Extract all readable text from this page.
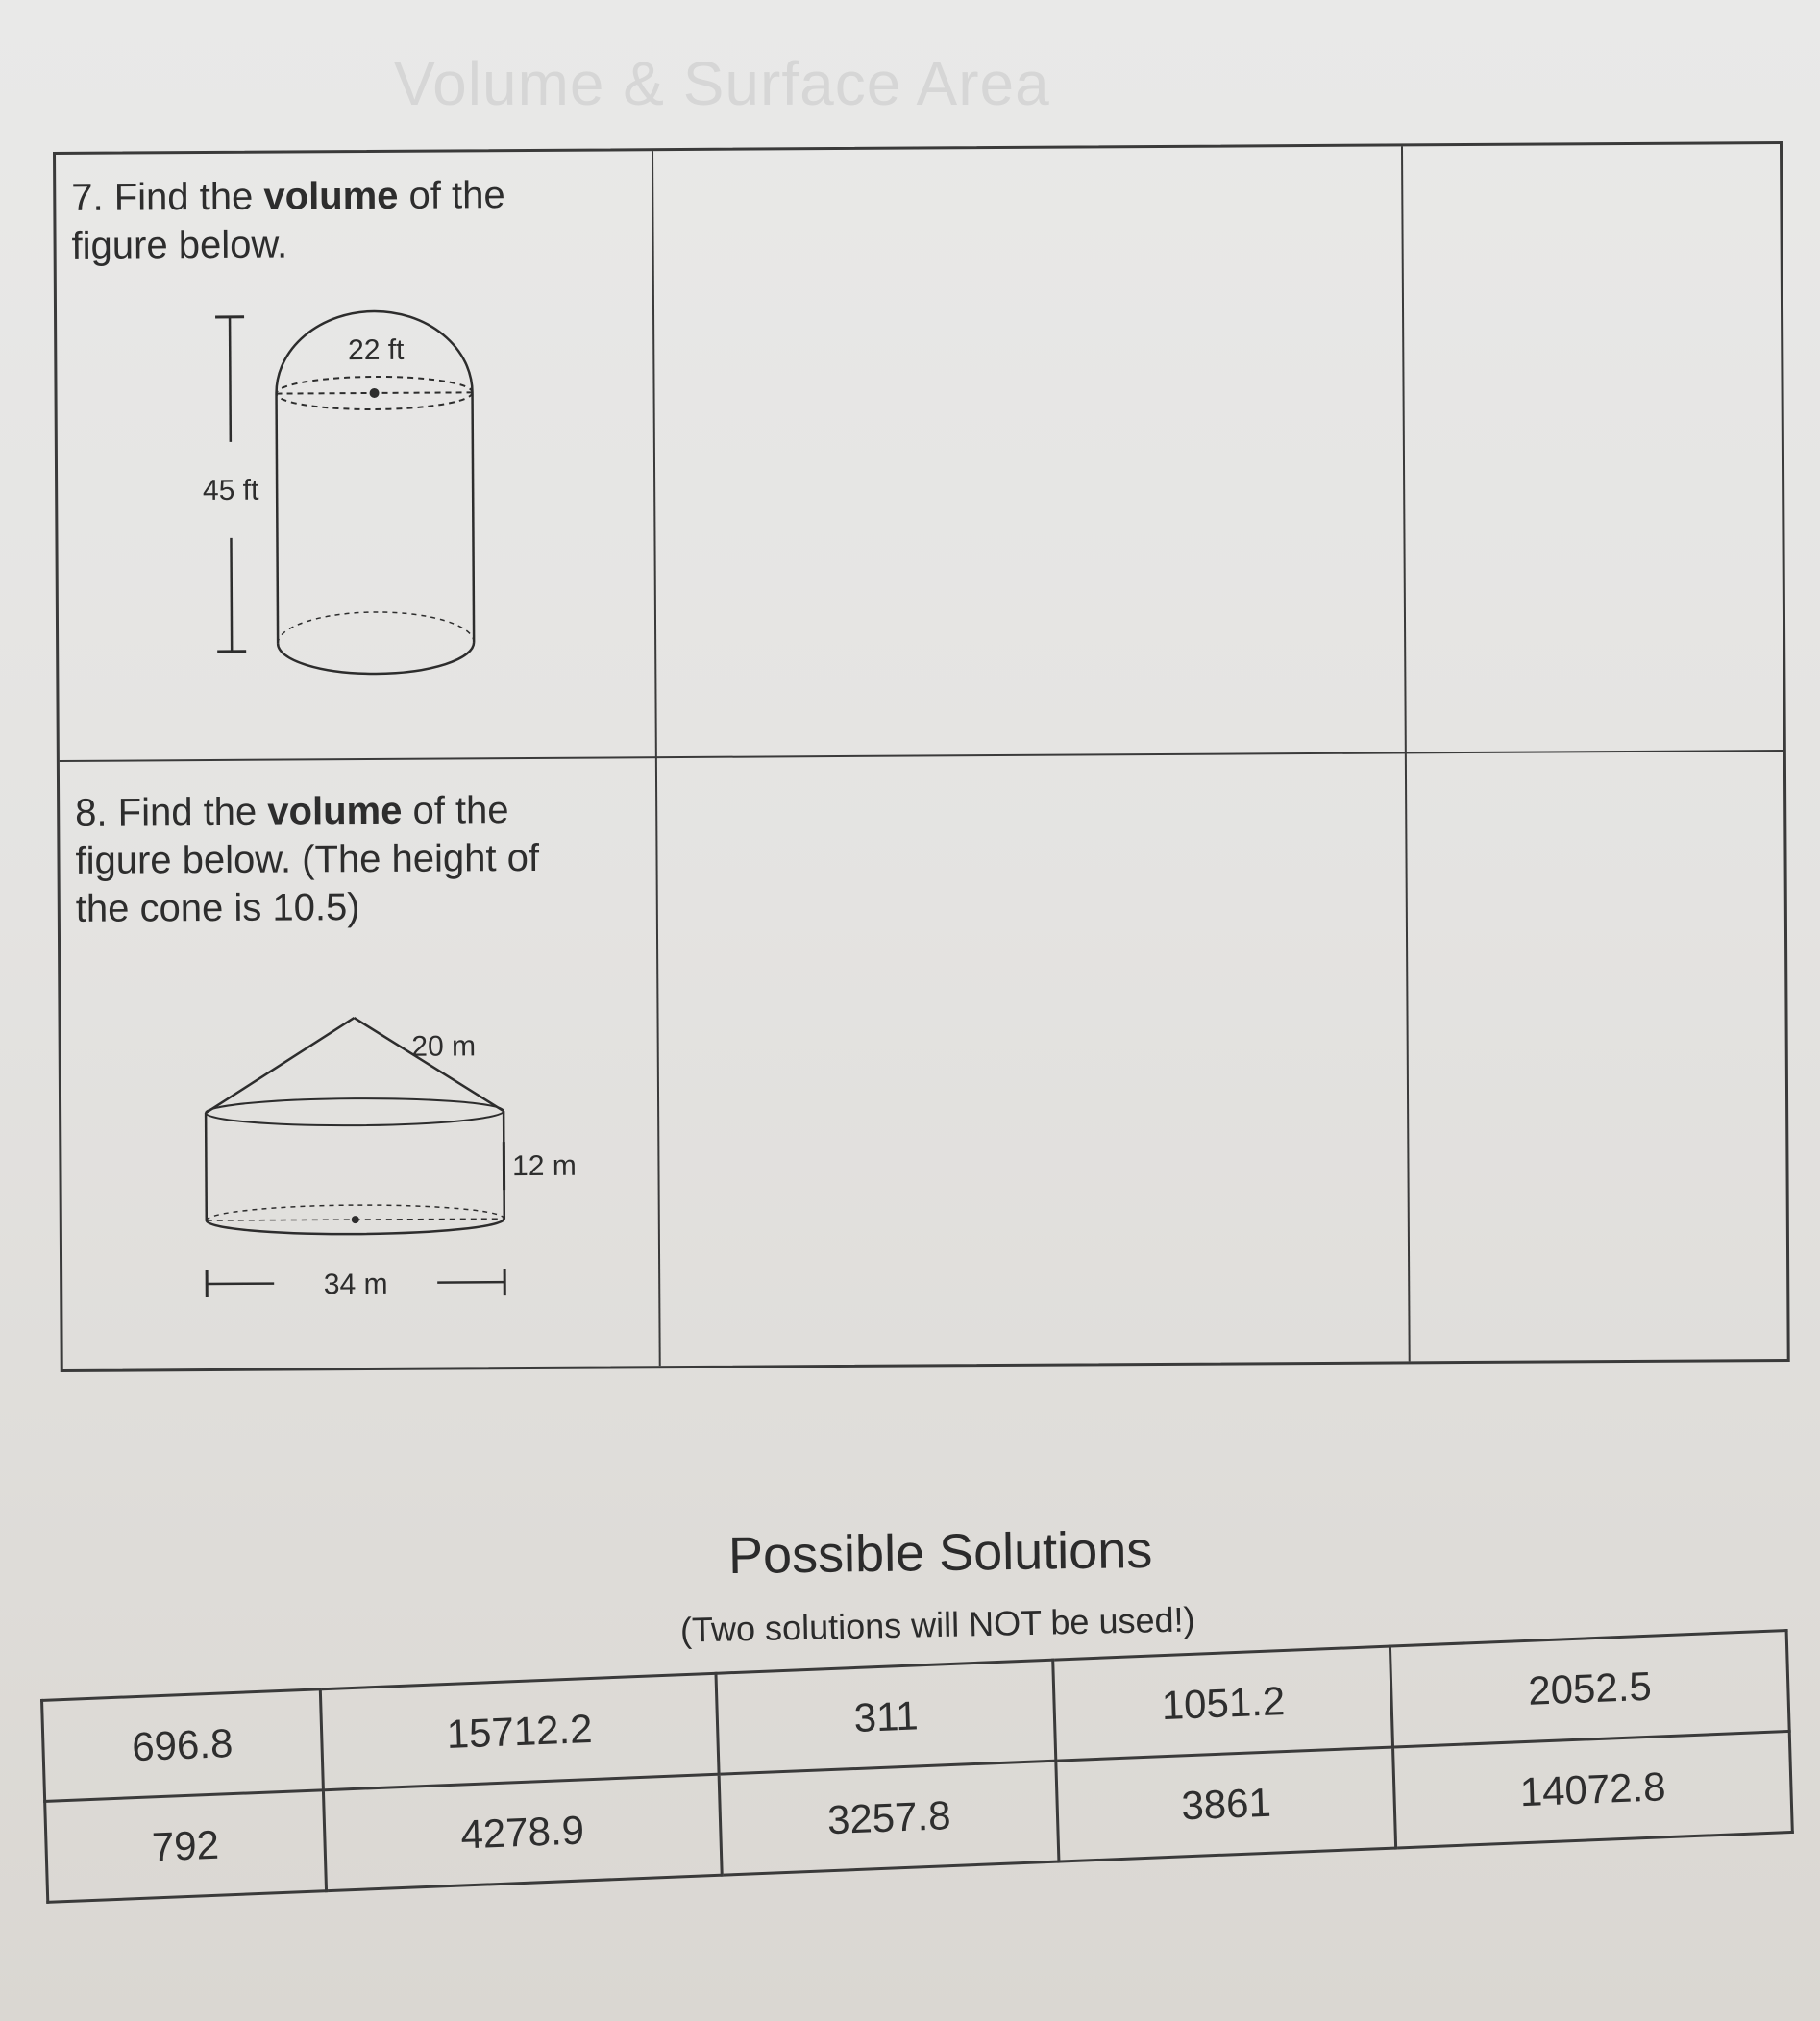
Volume & Surface Area
7. Find the volume of the
figure below.
45 ft
22 ft
8. Find the volume of the
figure below. (The height of
the cone is 10.5)
20 m
12 m
34 m
Possible Solutions
(Two solutions will NOT be used!)
696.8	15712.2	311	1051.2	2052.5
792	4278.9	3257.8	3861	14072.8
